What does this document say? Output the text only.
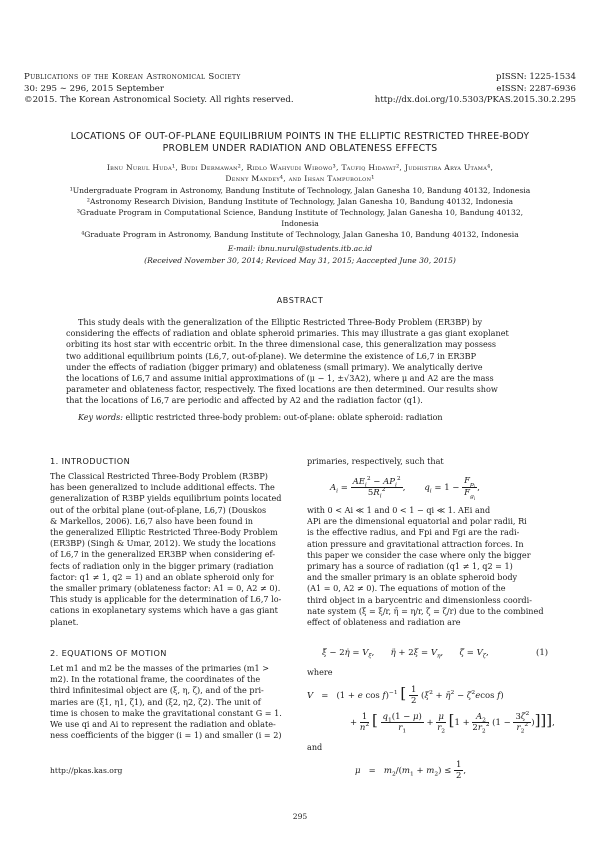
Publications of the Korean Astronomical Society
30: 295 ∼ 296, 2015 September
©2015. The Korean Astronomical Society. All rights reserved.
pISSN: 1225-1534
eISSN: 2287-6936
http://dx.doi.org/10.5303/PKAS.2015.30.2.295
LOCATIONS OF OUT-OF-PLANE EQUILIBRIUM POINTS IN THE ELLIPTIC RESTRICTED THREE-BODY
PROBLEM UNDER RADIATION AND OBLATENESS EFFECTS
Ibnu Nurul Huda¹, Budi Dermawan², Ridlo Wahyudi Wibowo³, Taufiq Hidayat², Judhistira Arya Utama⁴,
Denny Mandey⁴, and Ihsan Tampubolon¹
¹Undergraduate Program in Astronomy, Bandung Institute of Technology, Jalan Ganesha 10, Bandung 40132, Indonesia
²Astronomy Research Division, Bandung Institute of Technology, Jalan Ganesha 10, Bandung 40132, Indonesia
³Graduate Program in Computational Science, Bandung Institute of Technology, Jalan Ganesha 10, Bandung 40132,
Indonesia
⁴Graduate Program in Astronomy, Bandung Institute of Technology, Jalan Ganesha 10, Bandung 40132, Indonesia
E-mail: ibnu.nurul@students.itb.ac.id
(Received November 30, 2014; Reviced May 31, 2015; Aaccepted June 30, 2015)
ABSTRACT
This study deals with the generalization of the Elliptic Restricted Three-Body Problem (ER3BP) by
considering the effects of radiation and oblate spheroid primaries. This may illustrate a gas giant exoplanet
orbiting its host star with eccentric orbit. In the three dimensional case, this generalization may possess
two additional equilibrium points (L6,7, out-of-plane). We determine the existence of L6,7 in ER3BP
under the effects of radiation (bigger primary) and oblateness (small primary). We analytically derive
the locations of L6,7 and assume initial approximations of (μ − 1, ±√3A2), where μ and A2 are the mass
parameter and oblateness factor, respectively. The fixed locations are then determined. Our results show
that the locations of L6,7 are periodic and affected by A2 and the radiation factor (q1).
Key words: elliptic restricted three-body problem: out-of-plane: oblate spheroid: radiation
1. INTRODUCTION
The Classical Restricted Three-Body Problem (R3BP)
has been generalized to include additional effects. The
generalization of R3BP yields equilibrium points located
out of the orbital plane (out-of-plane, L6,7) (Douskos
& Markellos, 2006). L6,7 also have been found in
the generalized Elliptic Restricted Three-Body Problem
(ER3BP) (Singh & Umar, 2012). We study the locations
of L6,7 in the generalized ER3BP when considering ef-
fects of radiation only in the bigger primary (radiation
factor: q1 ≠ 1, q2 = 1) and an oblate spheroid only for
the smaller primary (oblateness factor: A1 = 0, A2 ≠ 0).
This study is applicable for the determination of L6,7 lo-
cations in exoplanetary systems which have a gas giant
planet.
2. EQUATIONS OF MOTION
Let m1 and m2 be the masses of the primaries (m1 >
m2). In the rotational frame, the coordinates of the
third infinitesimal object are (ξ, η, ζ), and of the pri-
maries are (ξ1, η1, ζ1), and (ξ2, η2, ζ2). The unit of
time is chosen to make the gravitational constant G = 1.
We use qi and Ai to represent the radiation and oblate-
ness coefficients of the bigger (i = 1) and smaller (i = 2)
primaries, respectively, such that
$A_i = \frac{AE_i^2 - AP_i^2}{5R_i^2}$ ,       $q_i = 1 - \frac{F_{p_i}}{F_{g_i}}$ ,
with 0 < Ai ≪ 1 and 0 < 1 − qi ≪ 1. AEi and
APi are the dimensional equatorial and polar radii, Ri
is the effective radius, and Fpi and Fgi are the radi-
ation pressure and gravitational attraction forces. In
this paper we consider the case where only the bigger
primary has a source of radiation (q1 ≠ 1, q2 = 1)
and the smaller primary is an oblate spheroid body
(A1 = 0, A2 ≠ 0). The equations of motion of the
third object in a barycentric and dimensionless coordi-
nate system (ξ̄ = ξ/r, η̄ = η/r, ζ̄ = ζ/r) due to the combined
effect of oblateness and radiation are
ξ̈ − 2η̇ = $V_\xi$,      η̈ + 2ξ̇ = $V_\eta$,      ζ̈ = $V_\zeta$,	(1)
where
V   =   (1 + e cos f)$^{-1}$ [ $\frac{1}{2}$ (ξ̄$^2$ + η̄$^2$ − ζ̄$^2$ecos f)
+ $\frac{1}{n^2}$ [ $\frac{q_1(1 - \mu)}{r_1} + \frac{\mu}{r_2} [1 + \frac{A_2}{2r_2^2} (1 - \frac{3\zetā^2}{r_2^2}$ )]]],
and
$\mu = m_2/(m_1 + m_2) \le \frac{1}{2}$ ,
http://pkas.kas.org
295
